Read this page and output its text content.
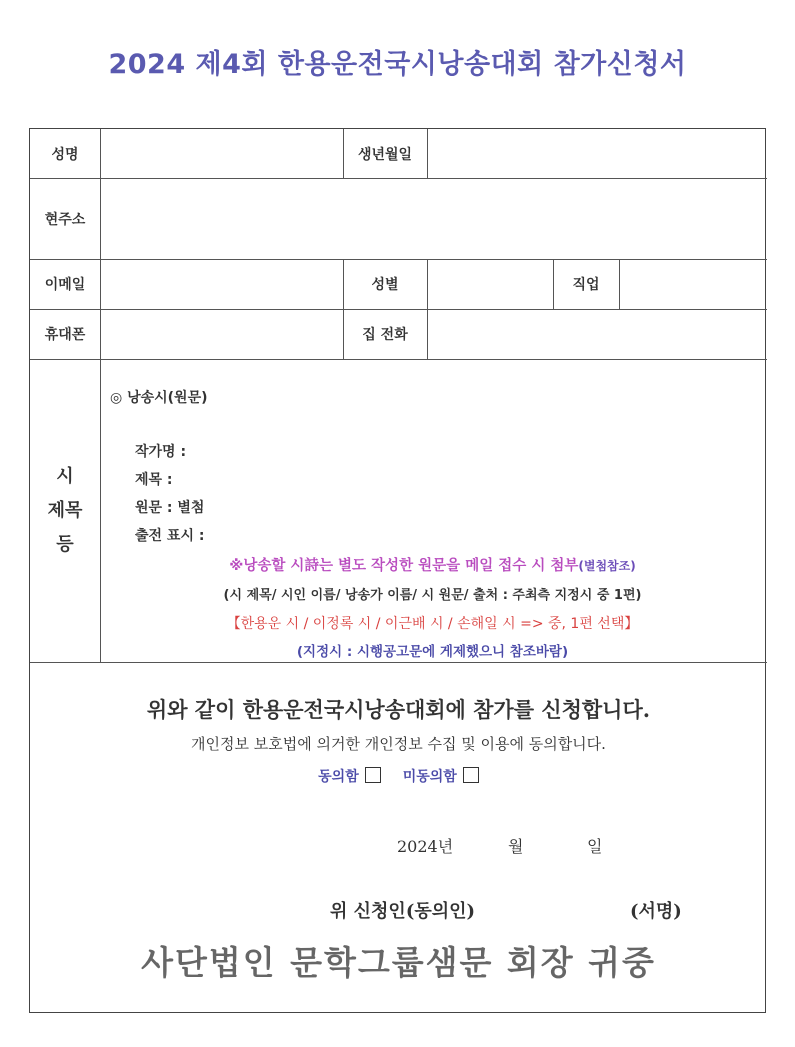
2024 제4회 한용운전국시낭송대회 참가신청서
성명	생년월일
현주소
이메일	성별	직업
휴대폰	집 전화
시
제목
등
◎ 낭송시(원문)
작가명 :
제목 :
원문 : 별첨
출전 표시 :
※낭송할 시詩는 별도 작성한 원문을 메일 접수 시 첨부(별첨참조)
(시 제목/ 시인 이름/ 낭송가 이름/ 시 원문/ 출처 : 주최측 지정시 중 1편)
【한용운 시 / 이정록 시 / 이근배 시 / 손해일 시 => 중, 1편 선택】
(지정시 : 시행공고문에 게제했으니 참조바람)
위와 같이 한용운전국시낭송대회에 참가를 신청합니다.
개인정보 보호법에 의거한 개인정보 수집 및 이용에 동의합니다.
동의함	미동의함
2024년	월	일
위 신청인(동의인)	(서명)
사단법인 문학그룹샘문 회장 귀중
